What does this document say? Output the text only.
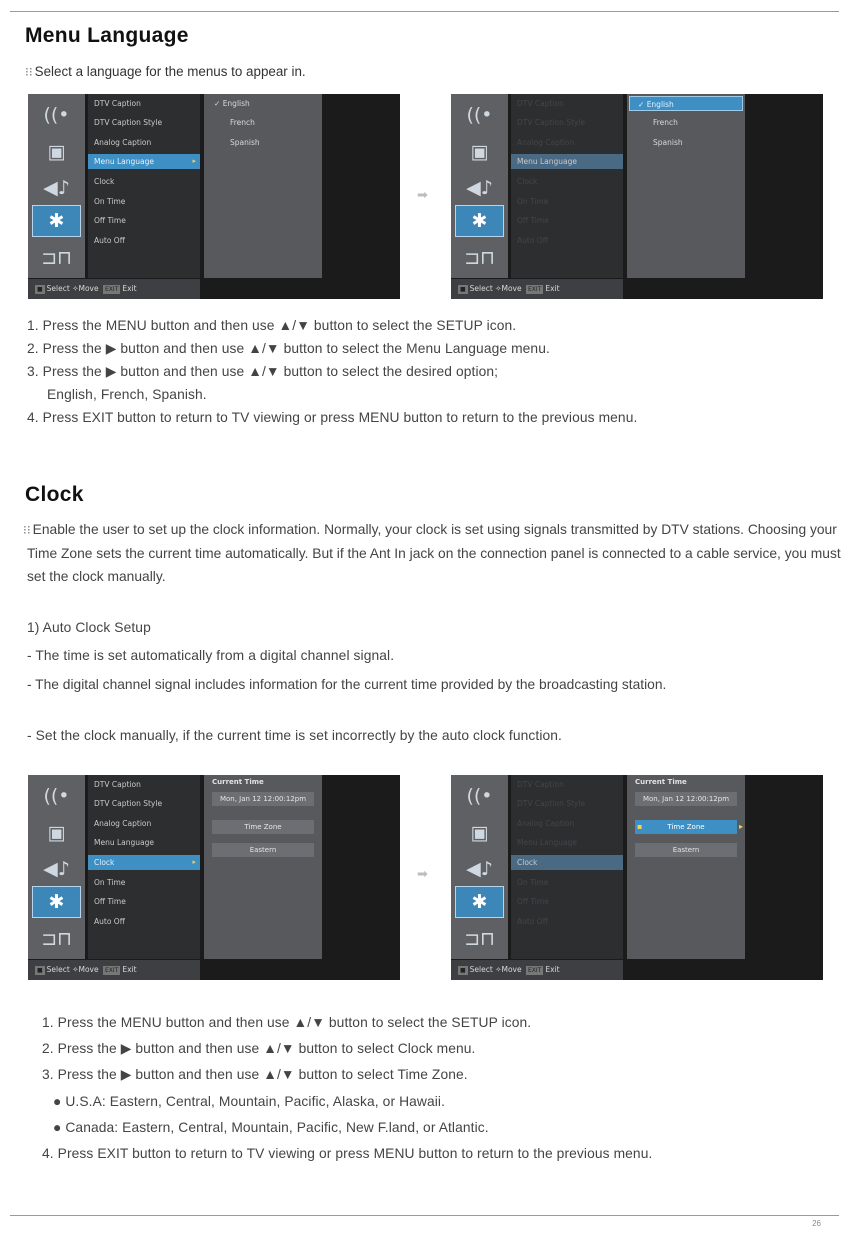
Menu Language
⁝⁝ Select a language for the menus to appear in.
((•
▣
◀♪
✱
⊐⊓
DTV Caption
DTV Caption Style
Analog Caption
Menu Language	▸
Clock
On Time
Off Time
Auto Off
✓ English
French
Spanish
■ Select ✧Move EXIT Exit
➡
((•
▣
◀♪
✱
⊐⊓
DTV Caption
DTV Caption Style
Analog Caption
Menu Language
Clock
On Time
Off Time
Auto Off
✓ English
French
Spanish
■ Select ✧Move EXIT Exit
1. Press the MENU button and then use ▲/▼ button to select the SETUP icon.
2. Press the ▶ button and then use ▲/▼ button to select the Menu Language menu.
3. Press the ▶ button and then use ▲/▼ button to select the desired option;
English, French, Spanish.
4. Press EXIT button to return to TV viewing or press MENU button to return to the previous menu.
Clock
⁝⁝ Enable the user to set up the clock information. Normally, your clock is set using signals transmitted by DTV stations. Choosing your Time Zone sets the current time automatically. But if the Ant In jack on the connection panel is connected to a cable service, you must set the clock manually.
1) Auto Clock Setup
- The time is set automatically from a digital channel signal.
- The digital channel signal includes information for the current time provided by the broadcasting station.
- Set the clock manually, if the current time is set incorrectly by the auto clock function.
((•
▣
◀♪
✱
⊐⊓
DTV Caption
DTV Caption Style
Analog Caption
Menu Language
Clock	▸
On Time
Off Time
Auto Off
Current Time
Mon, Jan 12 12:00:12pm
Time Zone
Eastern
■ Select ✧Move EXIT Exit
➡
((•
▣
◀♪
✱
⊐⊓
DTV Caption
DTV Caption Style
Analog Caption
Menu Language
Clock
On Time
Off Time
Auto Off
Current Time
Mon, Jan 12 12:00:12pm
Time Zone
▪	▸
Eastern
■ Select ✧Move EXIT Exit
1. Press the MENU button and then use ▲/▼ button to select the SETUP icon.
2. Press the ▶ button and then use ▲/▼ button to select Clock menu.
3. Press the ▶ button and then use ▲/▼ button to select Time Zone.
● U.S.A: Eastern, Central, Mountain, Pacific, Alaska, or Hawaii.
● Canada: Eastern, Central, Mountain, Pacific, New F.land, or Atlantic.
4. Press EXIT button to return to TV viewing or press MENU button to return to the previous menu.
26
